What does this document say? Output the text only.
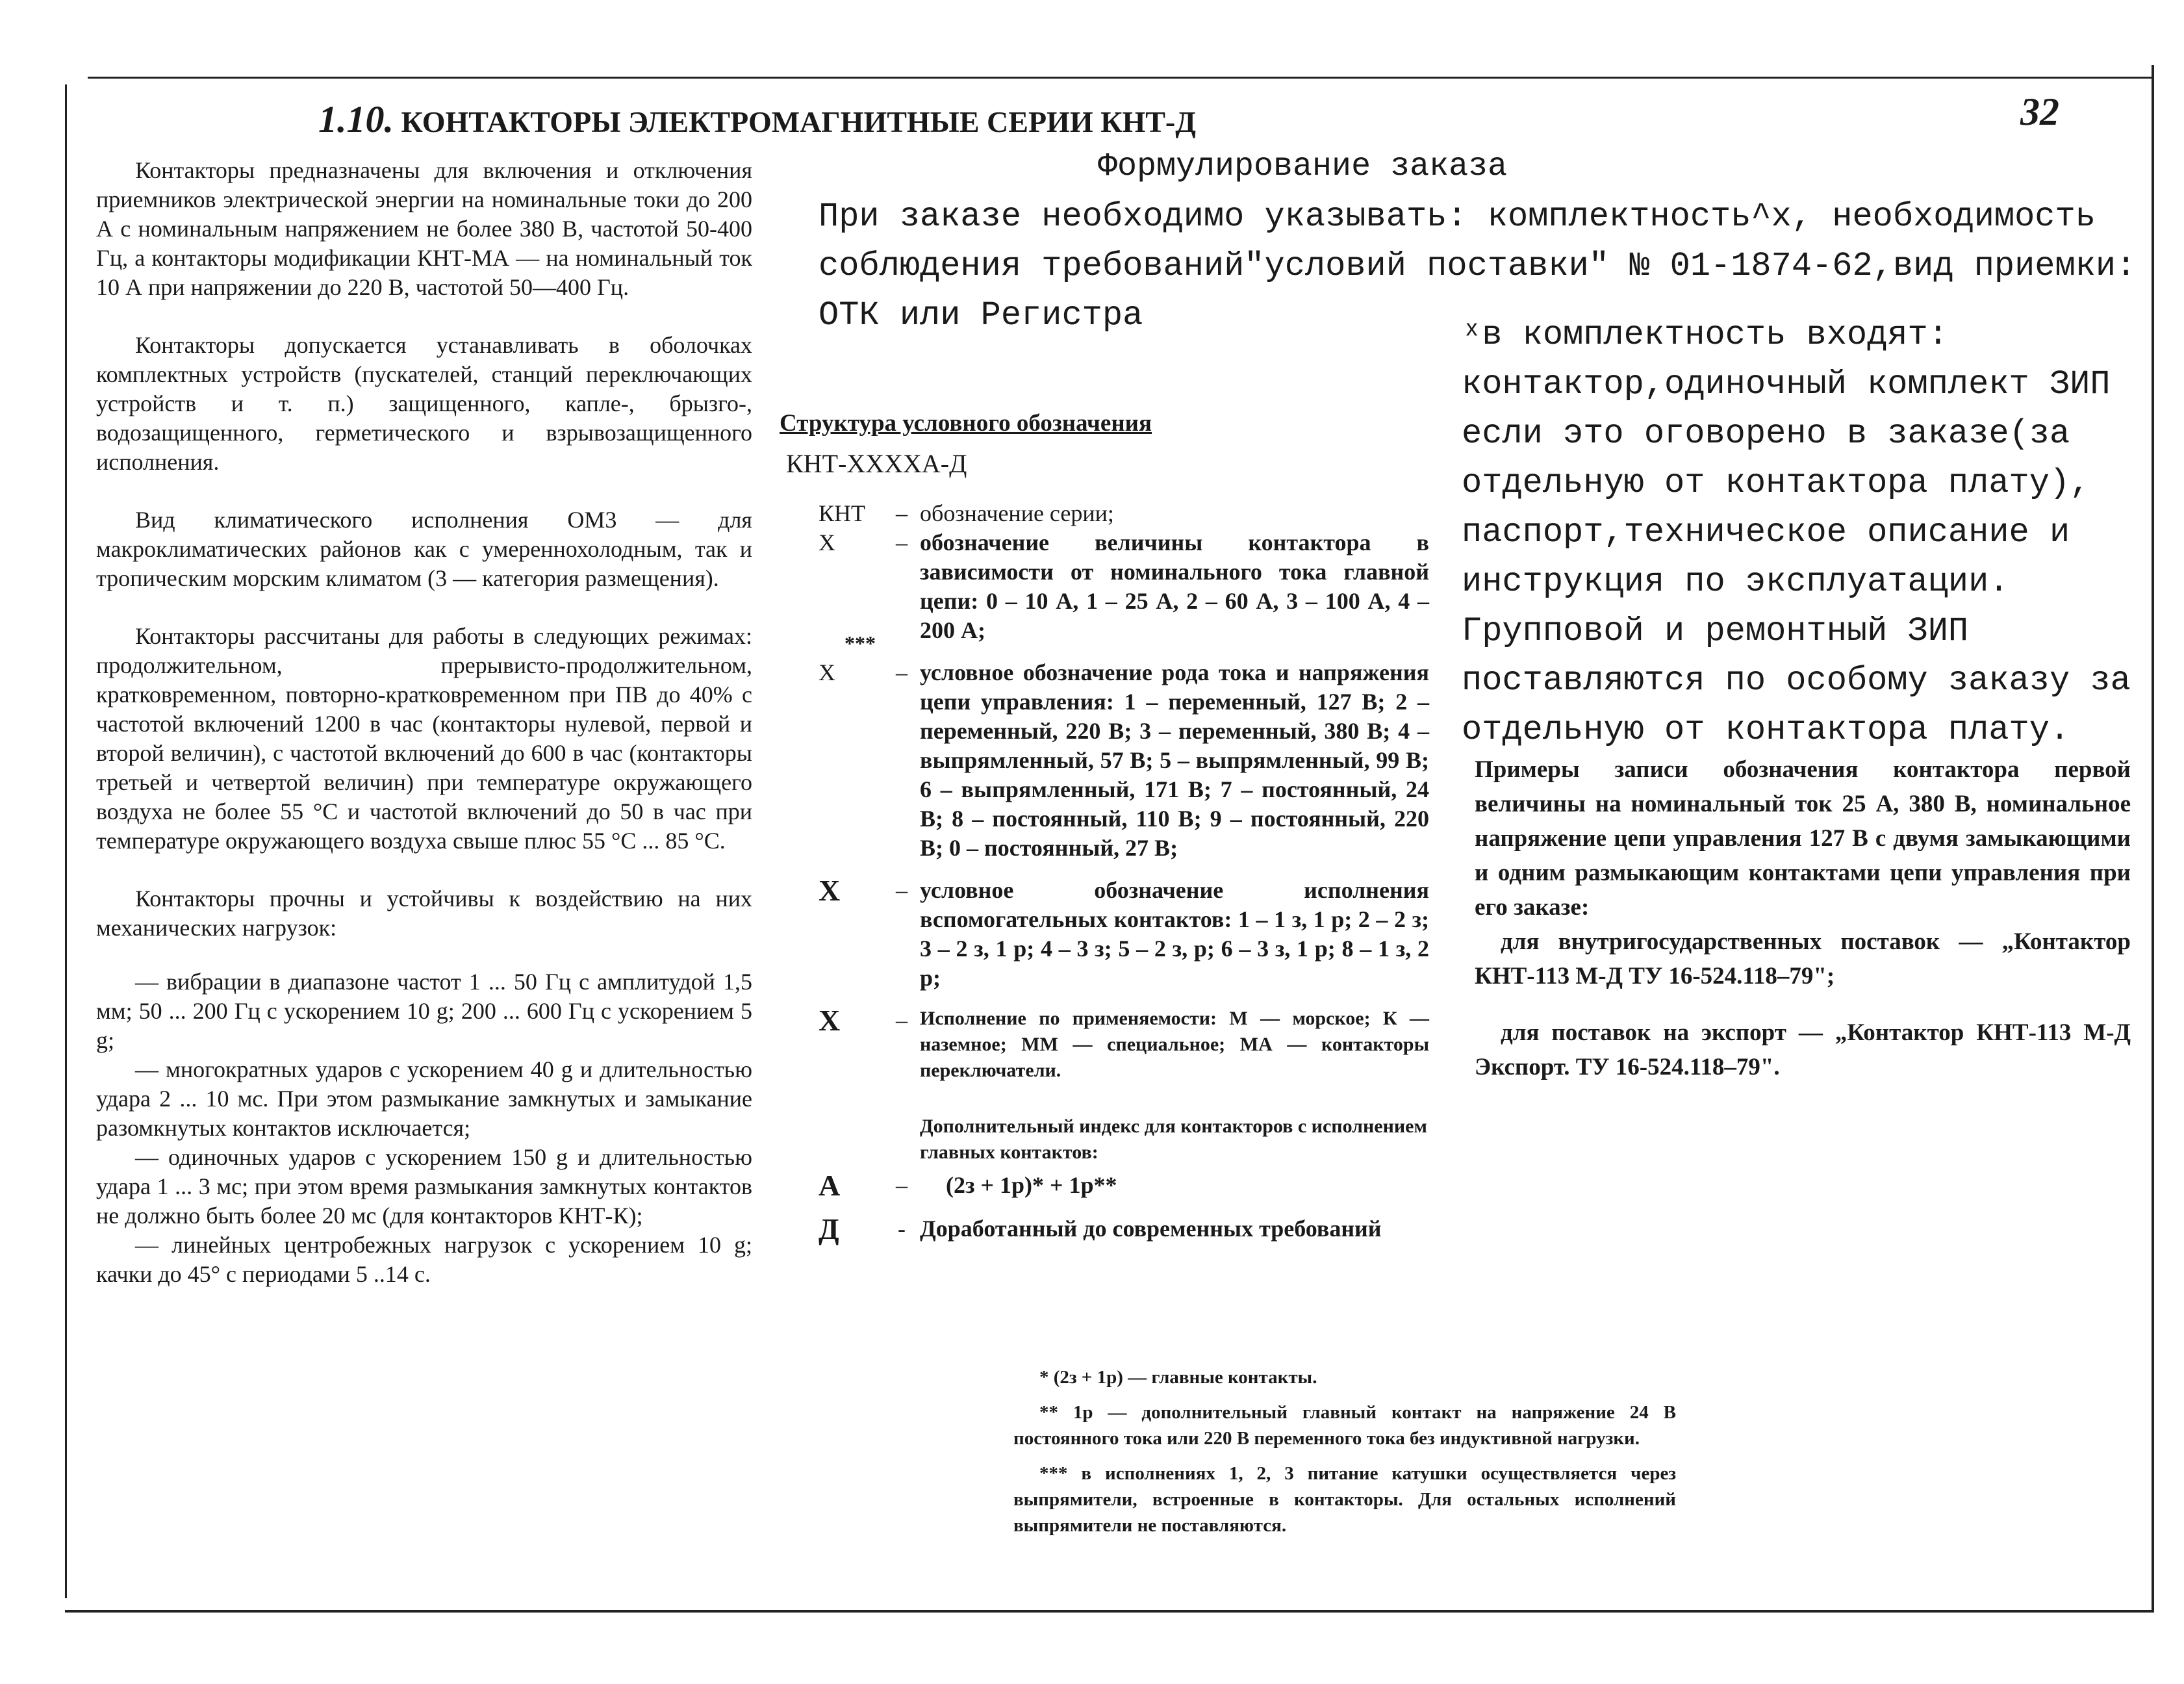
1.10. КОНТАКТОРЫ ЭЛЕКТРОМАГНИТНЫЕ СЕРИИ КНТ-Д	32

Контакторы предназначены для включения и отключения приемников электрической энергии на номинальные токи до 200 А с номинальным напряжением не более 380 В, частотой 50-400 Гц, а контакторы модификации КНТ-МА — на номинальный ток 10 А при напряжении до 220 В, частотой 50—400 Гц.

Контакторы допускается устанавливать в оболочках комплектных устройств (пускателей, станций переключающих устройств и т. п.) защищенного, капле-, брызго-, водозащищенного, герметического и взрывозащищенного исполнения.

Вид климатического исполнения ОМ3 — для макроклиматических районов как с умереннохолодным, так и тропическим морским климатом (3 — категория размещения).

Контакторы рассчитаны для работы в следующих режимах: продолжительном, прерывисто-продолжительном, кратковременном, повторно-кратковременном при ПВ до 40% с частотой включений 1200 в час (контакторы нулевой, первой и второй величин), с частотой включений до 600 в час (контакторы третьей и четвертой величин) при температуре окружающего воздуха не более 55 °С и частотой включений до 50 в час при температуре окружающего воздуха свыше плюс 55 °С ... 85 °С.

Контакторы прочны и устойчивы к воздействию на них механических нагрузок:

— вибрации в диапазоне частот 1 ... 50 Гц с амплитудой 1,5 мм; 50 ... 200 Гц с ускорением 10 g; 200 ... 600 Гц с ускорением 5 g;

— многократных ударов с ускорением 40 g и длительностью удара 2 ... 10 мс. При этом размыкание замкнутых и замыкание разомкнутых контактов исключается;

— одиночных ударов с ускорением 150 g и длительностью удара 1 ... 3 мс; при этом время размыкания замкнутых контактов не должно быть более 20 мс (для контакторов КНТ-К);

— линейных центробежных нагрузок с ускорением 10 g; качки до 45° с периодами 5 ..14 с.

Формулирование заказа
При заказе необходимо указывать: комплектность^x, необходимость
соблюдения требований"условий поставки" № 01-1874-62,вид приемки:
ОТК или Регистра
ˣв комплектность входят: контактор,одиночный комплект ЗИП если это оговорено в заказе(за отдельную от контактора плату), паспорт,техническое описание и инструкция по эксплуатации. Групповой и ремонтный ЗИП поставляются по особому заказу за отдельную от контактора плату.

Примеры записи обозначения контактора первой величины на номинальный ток 25 А, 380 В, номинальное напряжение цепи управления 127 В с двумя замыкающими и одним размыкающим контактами цепи управления при его заказе:

для внутригосударственных поставок — „Контактор КНТ-113 М-Д ТУ 16-524.118–79";

для поставок на экспорт — „Контактор КНТ-113 М-Д Экспорт. ТУ 16-524.118–79".

Структура условного обозначения
КНТ-XXXXA-Д
КНТ	– обозначение серии;
X	– обозначение величины контактора в зависимости от номинального тока главной цепи: 0 – 10 А, 1 – 25 А, 2 – 60 А, 3 – 100 А, 4 – 200 А;
***
X	– условное обозначение рода тока и напряжения цепи управления: 1 – переменный, 127 В; 2 – переменный, 220 В; 3 – переменный, 380 В; 4 – выпрямленный, 57 В; 5 – выпрямленный, 99 В; 6 – выпрямленный, 171 В; 7 – постоянный, 24 В; 8 – постоянный, 110 В; 9 – постоянный, 220 В; 0 – постоянный, 27 В;
X	– условное обозначение исполнения вспомогательных контактов: 1 – 1 з, 1 р; 2 – 2 з; 3 – 2 з, 1 р; 4 – 3 з; 5 – 2 з, р; 6 – 3 з, 1 р; 8 – 1 з, 2 р;
X	– Исполнение по применяемости: М — морское; К — наземное; ММ — специальное; МА — контакторы переключатели.
Дополнительный индекс для контакторов с исполнением главных контактов:
А	–	(2з + 1р)* + 1р**
Д	- Доработанный до современных требований

* (2з + 1р) — главные контакты.

** 1р — дополнительный главный контакт на напряжение 24 В постоянного тока или 220 В переменного тока без индуктивной нагрузки.

*** в исполнениях 1, 2, 3 питание катушки осуществляется через выпрямители, встроенные в контакторы. Для остальных исполнений выпрямители не поставляются.
